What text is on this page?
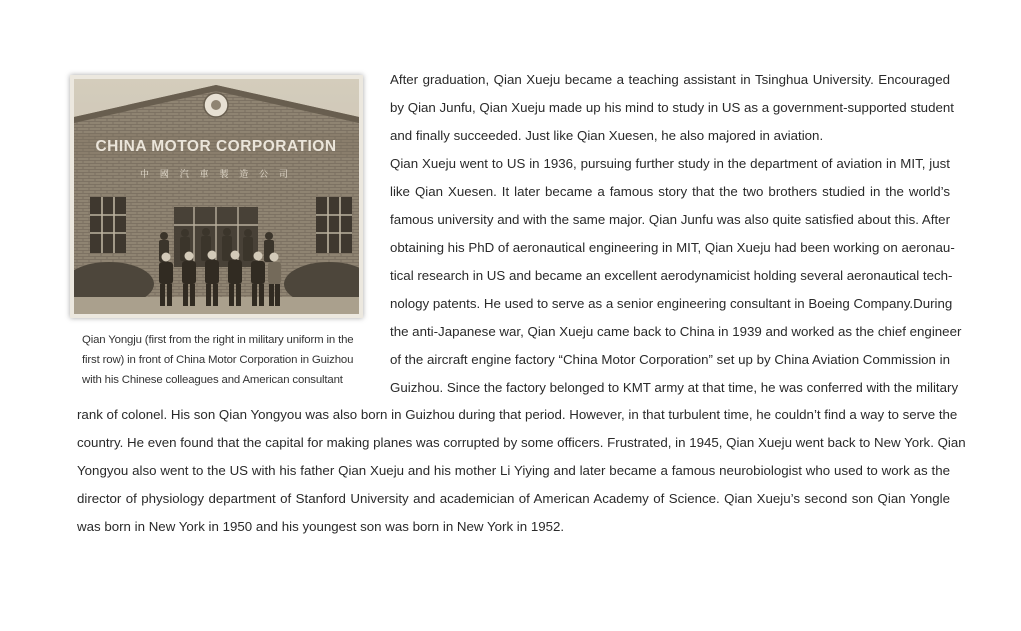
CHINA MOTOR CORPORATION
中 國 汽 車 製 造 公 司
Qian Yongju (first from the right in military uniform in the
first row) in front of China Motor Corporation in Guizhou
with his Chinese colleagues and American consultant
After graduation, Qian Xueju became a teaching assistant in Tsinghua University. Encouraged
by Qian Junfu, Qian Xueju made up his mind to study in US as a government-supported student
and finally succeeded. Just like Qian Xuesen, he also majored in aviation.
Qian Xueju went to US in 1936, pursuing further study in the department of aviation in MIT, just
like Qian Xuesen. It later became a famous story that the two brothers studied in the world’s
famous university and with the same major. Qian Junfu was also quite satisfied about this. After
obtaining his PhD of aeronautical engineering in MIT, Qian Xueju had been working on aeronau-
tical research in US and became an excellent aerodynamicist holding several aeronautical tech-
nology patents. He used to serve as a senior engineering consultant in Boeing Company.During
the anti-Japanese war, Qian Xueju came back to China in 1939 and worked as the chief engineer
of the aircraft engine factory “China Motor Corporation” set up by China Aviation Commission in
Guizhou. Since the factory belonged to KMT army at that time, he was conferred with the military
rank of colonel. His son Qian Yongyou was also born in Guizhou during that period. However, in that turbulent time, he couldn’t find a way to serve the
country. He even found that the capital for making planes was corrupted by some officers. Frustrated, in 1945, Qian Xueju went back to New York. Qian
Yongyou also went to the US with his father Qian Xueju and his mother Li Yiying and later became a famous neurobiologist who used to work as the
director of physiology department of Stanford University and academician of American Academy of Science. Qian Xueju’s second son Qian Yongle
was born in New York in 1950 and his youngest son was born in New York in 1952.
